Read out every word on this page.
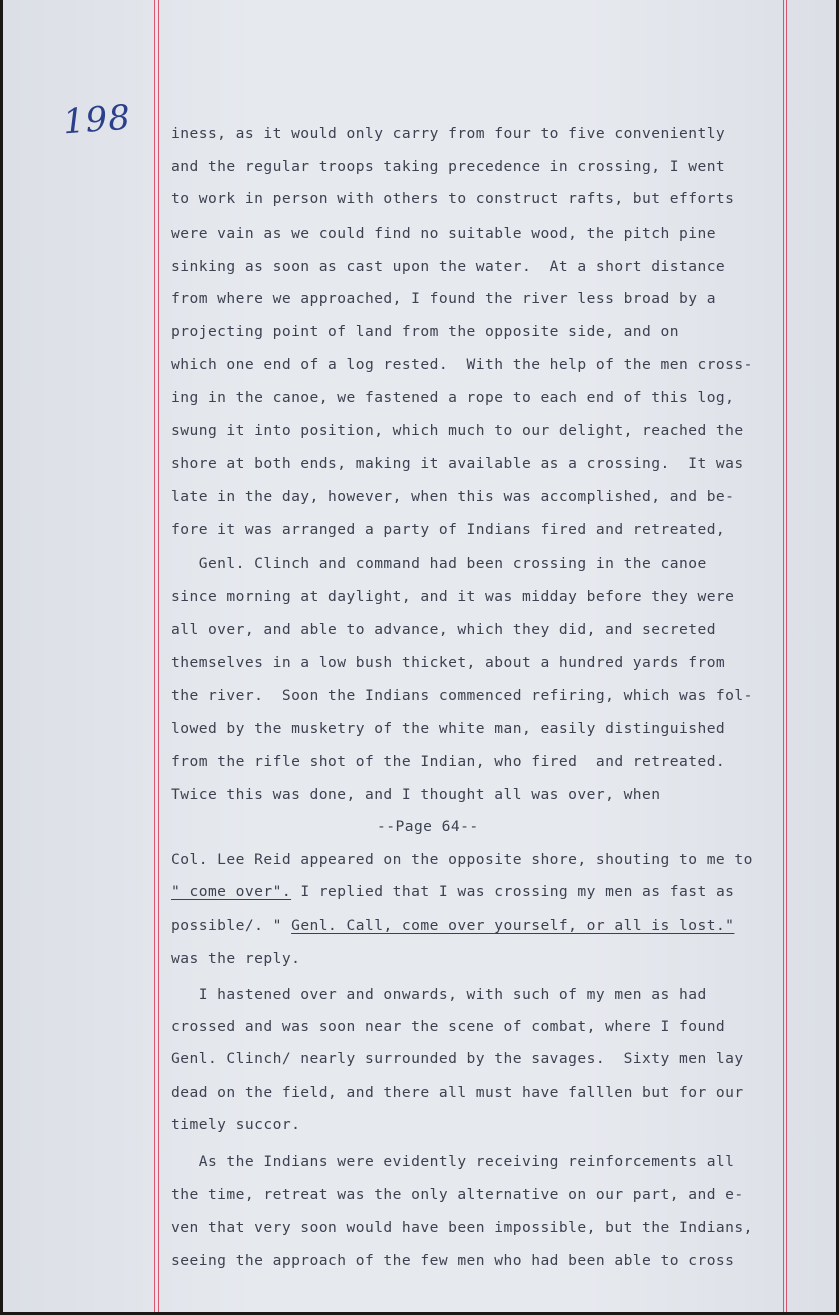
198	iness, as it would only carry from four to five conveniently
and the regular troops taking precedence in crossing, I went
to work in person with others to construct rafts, but efforts
were vain as we could find no suitable wood, the pitch pine
sinking as soon as cast upon the water.  At a short distance
from where we approached, I found the river less broad by a
projecting point of land from the opposite side, and on
which one end of a log rested.  With the help of the men cross-
ing in the canoe, we fastened a rope to each end of this log,
swung it into position, which much to our delight, reached the
shore at both ends, making it available as a crossing.  It was
late in the day, however, when this was accomplished, and be-
fore it was arranged a party of Indians fired and retreated,
Genl. Clinch and command had been crossing in the canoe
since morning at daylight, and it was midday before they were
all over, and able to advance, which they did, and secreted
themselves in a low bush thicket, about a hundred yards from
the river.  Soon the Indians commenced refiring, which was fol-
lowed by the musketry of the white man, easily distinguished
from the rifle shot of the Indian, who fired  and retreated.
Twice this was done, and I thought all was over, when
--Page 64--
Col. Lee Reid appeared on the opposite shore, shouting to me to
" come over". I replied that I was crossing my men as fast as
possible/. " Genl. Call, come over yourself, or all is lost."
was the reply.
I hastened over and onwards, with such of my men as had
crossed and was soon near the scene of combat, where I found
Genl. Clinch/ nearly surrounded by the savages.  Sixty men lay
dead on the field, and there all must have falllen but for our
timely succor.
As the Indians were evidently receiving reinforcements all
the time, retreat was the only alternative on our part, and e-
ven that very soon would have been impossible, but the Indians,
seeing the approach of the few men who had been able to cross
